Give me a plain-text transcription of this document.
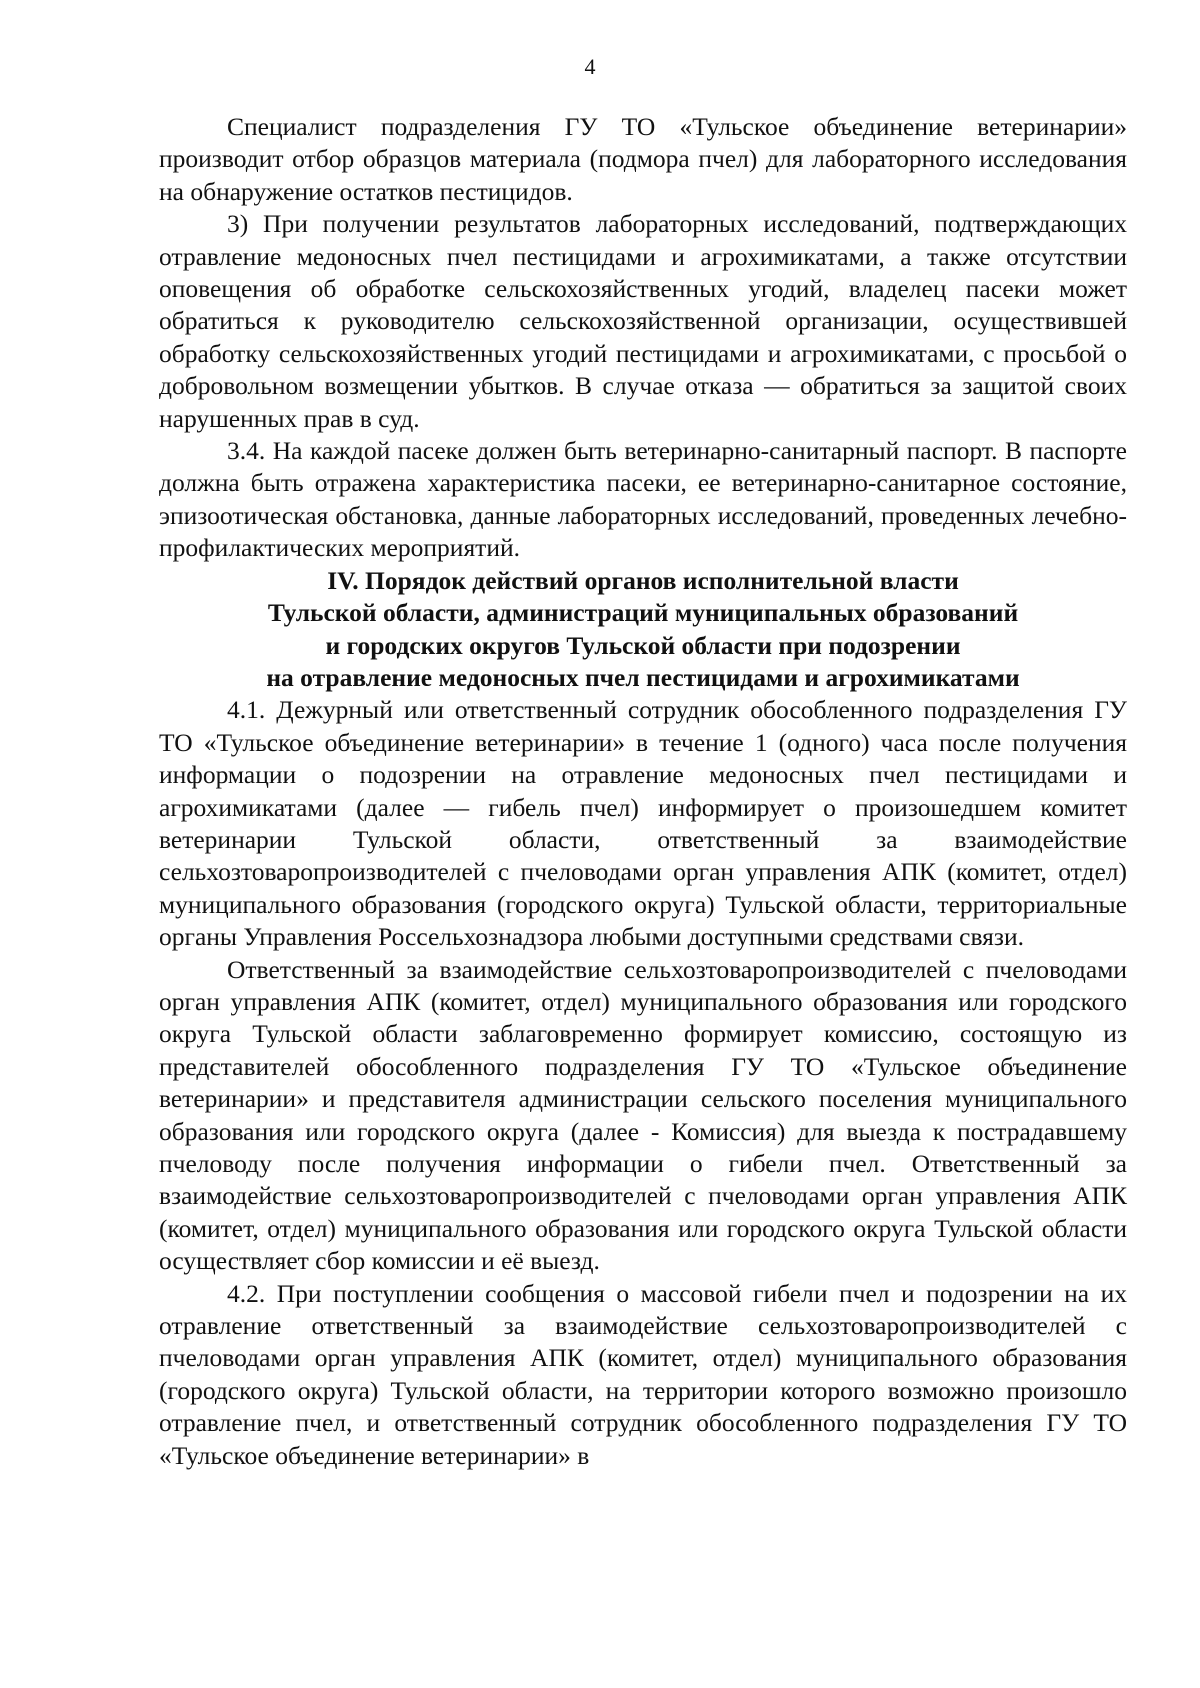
4

Специалист подразделения ГУ ТО «Тульское объединение ветеринарии» производит отбор образцов материала (подмора пчел) для лабораторного исследования на обнаружение остатков пестицидов.

3) При получении результатов лабораторных исследований, подтверждающих отравление медоносных пчел пестицидами и агрохимикатами, а также отсутствии оповещения об обработке сельскохозяйственных угодий, владелец пасеки может обратиться к руководителю сельскохозяйственной организации, осуществившей обработку сельскохозяйственных угодий пестицидами и агрохимикатами, с просьбой о добровольном возмещении убытков. В случае отказа — обратиться за защитой своих нарушенных прав в суд.

3.4. На каждой пасеке должен быть ветеринарно-санитарный паспорт. В паспорте должна быть отражена характеристика пасеки, ее ветеринарно-санитарное состояние, эпизоотическая обстановка, данные лабораторных исследований, проведенных лечебно-профилактических мероприятий.

IV. Порядок действий органов исполнительной власти
Тульской области, администраций муниципальных образований
и городских округов Тульской области при подозрении
на отравление медоносных пчел пестицидами и агрохимикатами

4.1. Дежурный или ответственный сотрудник обособленного подразделения ГУ ТО «Тульское объединение ветеринарии» в течение 1 (одного) часа после получения информации о подозрении на отравление медоносных пчел пестицидами и агрохимикатами (далее — гибель пчел) информирует о произошедшем комитет ветеринарии Тульской области, ответственный за взаимодействие сельхозтоваропроизводителей с пчеловодами орган управления АПК (комитет, отдел) муниципального образования (городского округа) Тульской области, территориальные органы Управления Россельхознадзора любыми доступными средствами связи.

Ответственный за взаимодействие сельхозтоваропроизводителей с пчеловодами орган управления АПК (комитет, отдел) муниципального образования или городского округа Тульской области заблаговременно формирует комиссию, состоящую из представителей обособленного подразделения ГУ ТО «Тульское объединение ветеринарии» и представителя администрации сельского поселения муниципального образования или городского округа (далее - Комиссия) для выезда к пострадавшему пчеловоду после получения информации о гибели пчел. Ответственный за взаимодействие сельхозтоваропроизводителей с пчеловодами орган управления АПК (комитет, отдел) муниципального образования или городского округа Тульской области осуществляет сбор комиссии и её выезд.

4.2. При поступлении сообщения о массовой гибели пчел и подозрении на их отравление ответственный за взаимодействие сельхозтоваропроизводителей с пчеловодами орган управления АПК (комитет, отдел) муниципального образования (городского округа) Тульской области, на территории которого возможно произошло отравление пчел, и ответственный сотрудник обособленного подразделения ГУ ТО «Тульское объединение ветеринарии» в
